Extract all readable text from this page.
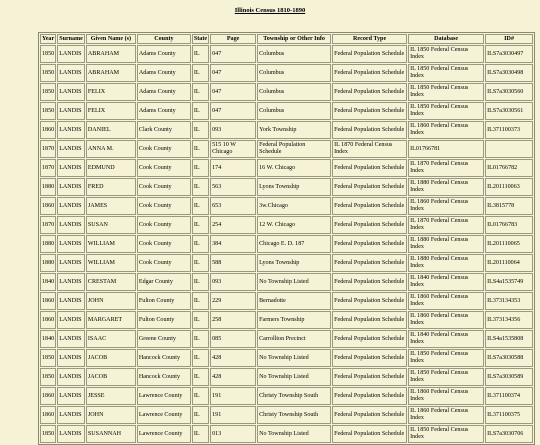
Illinois Census 1810-1890
Year	Surname	Given Name (s)	County	State	Page	Township or Other Info	Record Type	Database	ID#
1850	LANDIS	ABRAHAM	Adams County	IL	047	Columbus	Federal Population Schedule	IL 1850 Federal Census Index	ILS7a3030497
1850	LANDIS	ABRAHAM	Adams County	IL	047	Columbus	Federal Population Schedule	IL 1850 Federal Census Index	ILS7a3030498
1850	LANDIS	FELIX	Adams County	IL	047	Columbus	Federal Population Schedule	IL 1850 Federal Census Index	ILS7a3030560
1850	LANDIS	FELIX	Adams County	IL	047	Columbus	Federal Population Schedule	IL 1850 Federal Census Index	ILS7a3030561
1860	LANDIS	DANIEL	Clark County	IL	093	York Township	Federal Population Schedule	IL 1860 Federal Census Index	IL371100373
1870	LANDIS	ANNA M.	Cook County	IL	515 10 W Chicago	Federal Population Schedule	IL 1870 Federal Census Index	IL01766781	
1870	LANDIS	EDMUND	Cook County	IL	174	16 W. Chicago	Federal Population Schedule	IL 1870 Federal Census Index	IL01766782
1880	LANDIS	FRED	Cook County	IL	563	Lyons Township	Federal Population Schedule	IL 1880 Federal Census Index	IL201110063
1860	LANDIS	JAMES	Cook County	IL	653	3w.Chicago	Federal Population Schedule	IL 1860 Federal Census Index	IL3815778
1870	LANDIS	SUSAN	Cook County	IL	254	12 W. Chicago	Federal Population Schedule	IL 1870 Federal Census Index	IL01766783
1880	LANDIS	WILLIAM	Cook County	IL	384	Chicago E. D. 187	Federal Population Schedule	IL 1880 Federal Census Index	IL201110065
1880	LANDIS	WILLIAM	Cook County	IL	588	Lyons Township	Federal Population Schedule	IL 1880 Federal Census Index	IL201110064
1840	LANDIS	CRESTAM	Edgar County	IL	093	No Township Listed	Federal Population Schedule	IL 1840 Federal Census Index	ILS4a1535749
1860	LANDIS	JOHN	Fulton County	IL	229	Bernadotte	Federal Population Schedule	IL 1860 Federal Census Index	IL373134353
1860	LANDIS	MARGARET	Fulton County	IL	258	Farmers Township	Federal Population Schedule	IL 1860 Federal Census Index	IL373134356
1840	LANDIS	ISAAC	Greene County	IL	085	Carrollton Precinct	Federal Population Schedule	IL 1840 Federal Census Index	ILS4a1535808
1850	LANDIS	JACOB	Hancock County	IL	428	No Township Listed	Federal Population Schedule	IL 1850 Federal Census Index	ILS7a3030588
1850	LANDIS	JACOB	Hancock County	IL	428	No Township Listed	Federal Population Schedule	IL 1850 Federal Census Index	ILS7a3030589
1860	LANDIS	JESSE	Lawrence County	IL	191	Christy Township South	Federal Population Schedule	IL 1860 Federal Census Index	IL371100374
1860	LANDIS	JOHN	Lawrence County	IL	191	Christy Township South	Federal Population Schedule	IL 1860 Federal Census Index	IL371100375
1850	LANDIS	SUSANNAH	Lawrence County	IL	013	No Township Listed	Federal Population Schedule	IL 1850 Federal Census Index	ILS7a3030706
